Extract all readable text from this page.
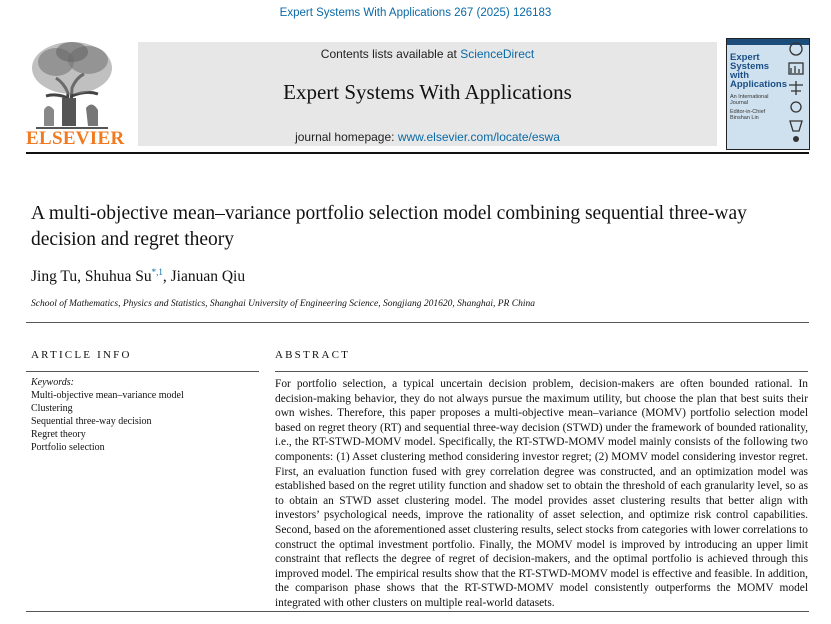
Expert Systems With Applications 267 (2025) 126183
ELSEVIER
Contents lists available at ScienceDirect
Expert Systems With Applications
journal homepage: www.elsevier.com/locate/eswa
Expert
Systems
with
Applications
An International Journal
Editor-in-Chief Binshan Lin
A multi-objective mean–variance portfolio selection model combining sequential three-way decision and regret theory
Jing Tu, Shuhua $Su^{*,1}$, Jianuan Qiu
School of Mathematics, Physics and Statistics, Shanghai University of Engineering Science, Songjiang 201620, Shanghai, PR China
ARTICLE INFO	ABSTRACT
Keywords:
Multi-objective mean–variance model
Clustering
Sequential three-way decision
Regret theory
Portfolio selection
For portfolio selection, a typical uncertain decision problem, decision-makers are often bounded rational. In decision-making behavior, they do not always pursue the maximum utility, but choose the plan that best suits their own wishes. Therefore, this paper proposes a multi-objective mean–variance (MOMV) portfolio selection model based on regret theory (RT) and sequential three-way decision (STWD) under the framework of bounded rationality, i.e., the RT-STWD-MOMV model. Specifically, the RT-STWD-MOMV model mainly consists of the following two components: (1) Asset clustering method considering investor regret; (2) MOMV model considering investor regret. First, an evaluation function fused with grey correlation degree was constructed, and an optimization model was established based on the regret utility function and shadow set to obtain the threshold of each granularity level, so as to obtain an STWD asset clustering model. The model provides asset clustering results that better align with investors’ psychological needs, improve the rationality of asset selection, and optimize risk control capabilities. Second, based on the aforementioned asset clustering results, select stocks from categories with lower correlations to construct the optimal investment portfolio. Finally, the MOMV model is improved by introducing an upper limit constraint that reflects the degree of regret of decision-makers, and the optimal portfolio is achieved through this improved model. The empirical results show that the RT-STWD-MOMV model is effective and feasible. In addition, the comparison phase shows that the RT-STWD-MOMV model consistently outperforms the MOMV model integrated with other clusters on multiple real-world datasets.
